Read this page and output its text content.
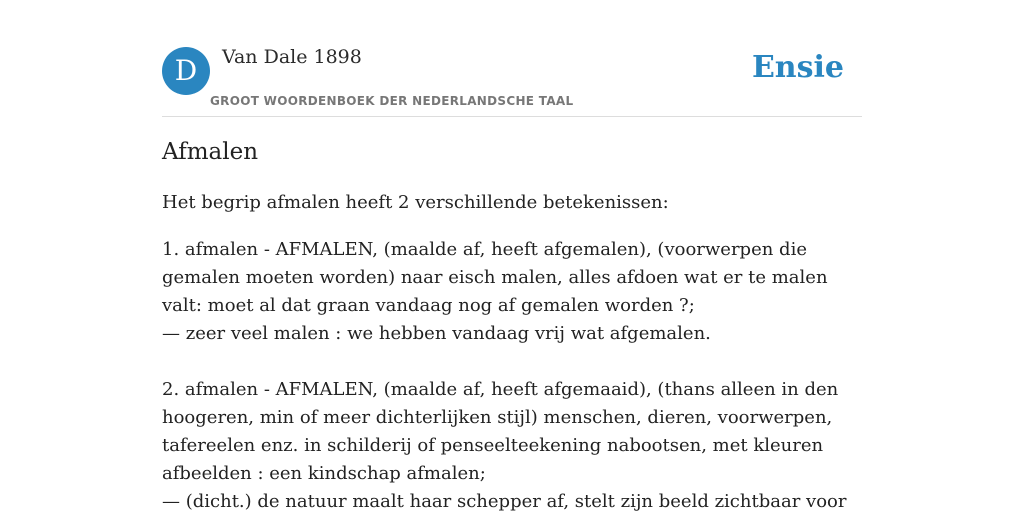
D	Van Dale 1898
GROOT WOORDENBOEK DER NEDERLANDSCHE TAAL
Ensie
Afmalen

Het begrip afmalen heeft 2 verschillende betekenissen:

1. afmalen - AFMALEN, (maalde af, heeft afgemalen), (voorwerpen die gemalen moeten worden) naar eisch malen, alles afdoen wat er te malen valt: moet al dat graan vandaag nog af gemalen worden ?;
— zeer veel malen : we hebben vandaag vrij wat afgemalen.

2. afmalen - AFMALEN, (maalde af, heeft afgemaaid), (thans alleen in den hoogeren, min of meer dichterlijken stijl) menschen, dieren, voorwerpen, tafereelen enz. in schilderij of penseelteekening nabootsen, met kleuren afbeelden : een kindschap afmalen;
— (dicht.) de natuur maalt haar schepper af, stelt zijn beeld zichtbaar voor
